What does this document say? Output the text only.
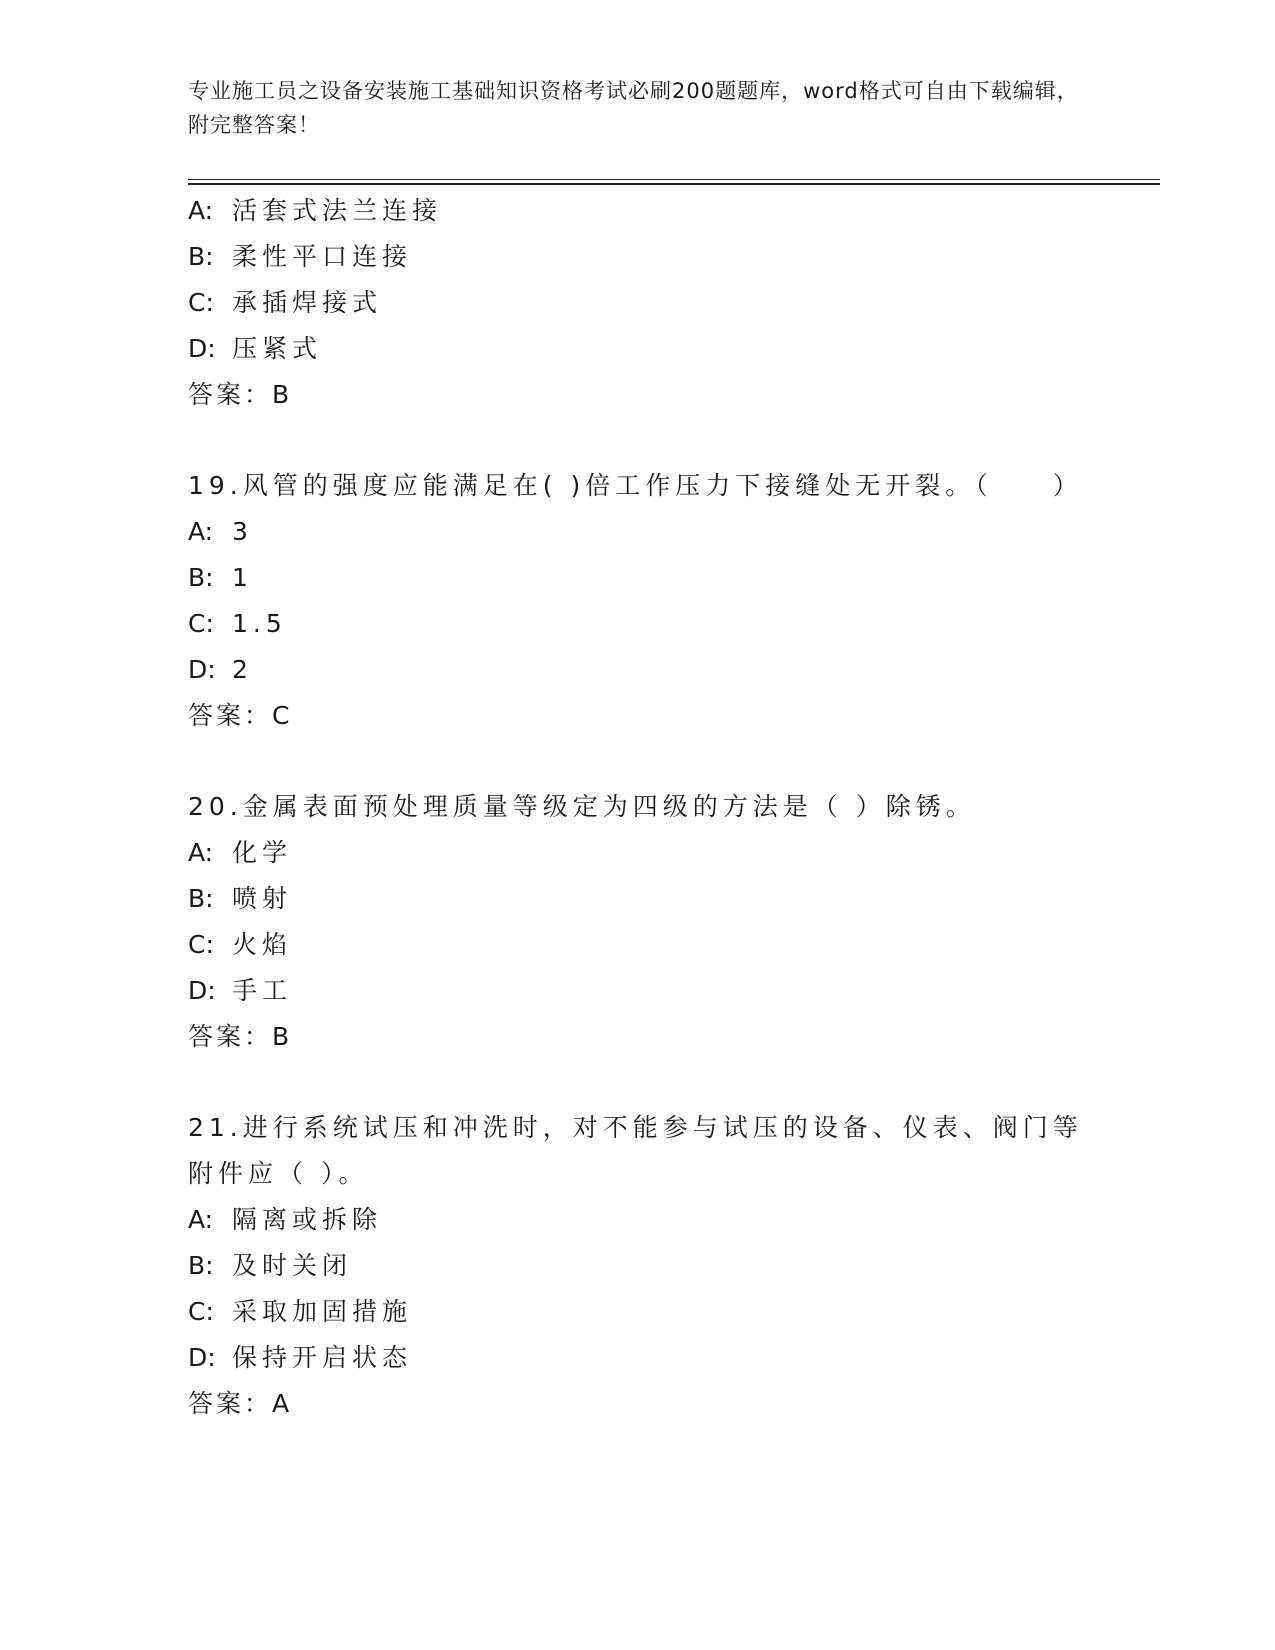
专业施工员之设备安装施工基础知识资格考试必刷200题题库，word格式可自由下载编辑，附完整答案！
A: 活套式法兰连接
B: 柔性平口连接
C: 承插焊接式
D: 压紧式
答案：B
19.风管的强度应能满足在( )倍工作压力下接缝处无开裂。（　　）
A: 3
B: 1
C: 1.5
D: 2
答案：C
20.金属表面预处理质量等级定为四级的方法是（ ）除锈。
A: 化学
B: 喷射
C: 火焰
D: 手工
答案：B
21.进行系统试压和冲洗时，对不能参与试压的设备、仪表、阀门等附件应（ ）。
A: 隔离或拆除
B: 及时关闭
C: 采取加固措施
D: 保持开启状态
答案：A
